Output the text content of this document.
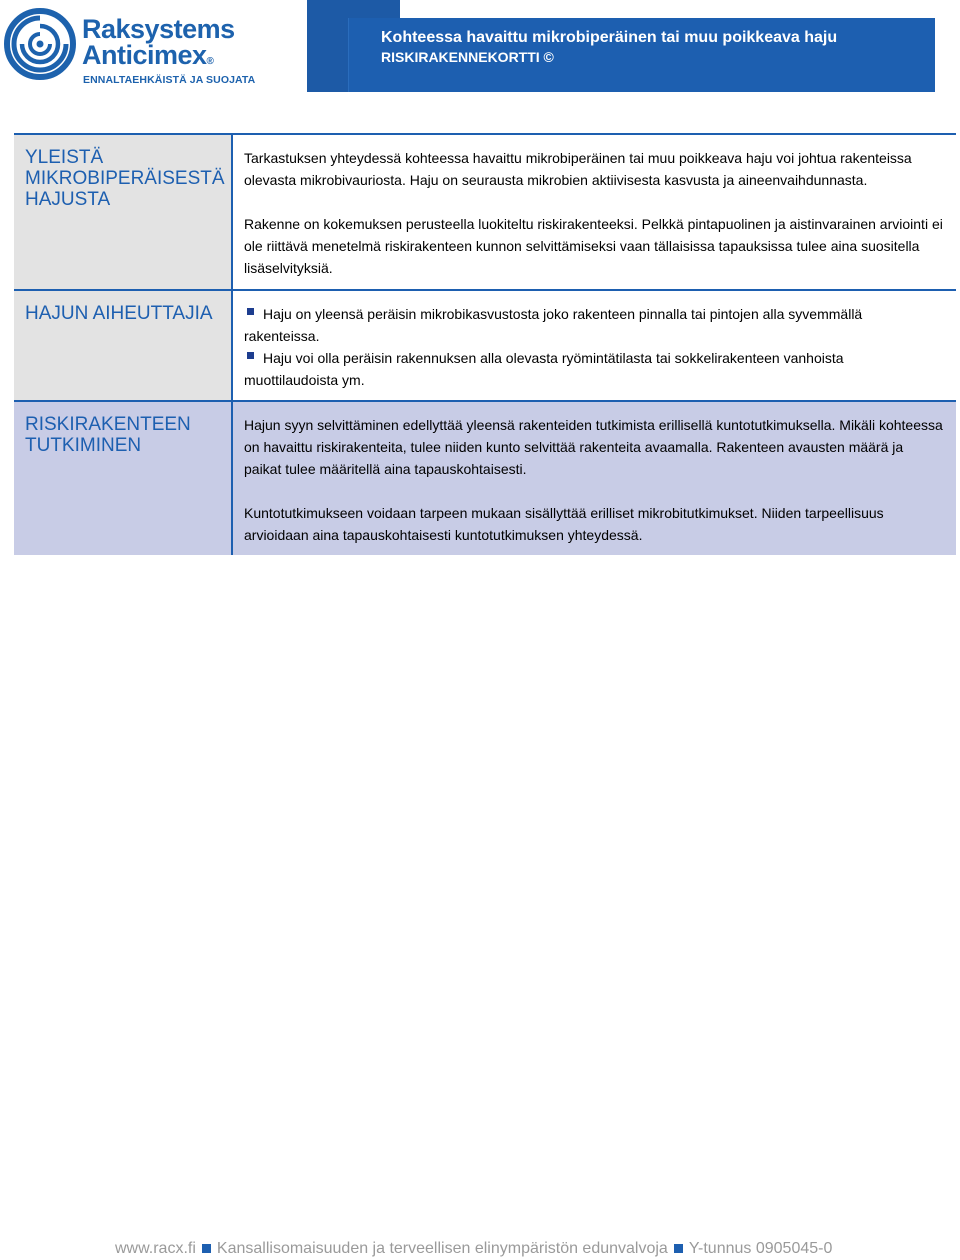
Raksystems
Anticimex®
ENNALTAEHKÄISTÄ JA SUOJATA
Kohteessa havaittu mikrobiperäinen tai muu poikkeava haju
RISKIRAKENNEKORTTI ©
YLEISTÄ MIKROBIPERÄISESTÄ HAJUSTA
Tarkastuksen yhteydessä kohteessa havaittu mikrobiperäinen tai muu poikkeava haju voi johtua rakenteissa olevasta mikrobivauriosta. Haju on seurausta mikrobien aktiivisesta kasvusta ja aineenvaihdunnasta.
Rakenne on kokemuksen perusteella luokiteltu riskirakenteeksi. Pelkkä pintapuolinen ja aistinvarainen arviointi ei ole riittävä menetelmä riskirakenteen kunnon selvittämiseksi vaan tällaisissa tapauksissa tulee aina suositella lisäselvityksiä.
HAJUN AIHEUTTAJIA	Haju on yleensä peräisin mikrobikasvustosta joko rakenteen pinnalla tai pintojen alla syvemmällä
rakenteissa.
Haju voi olla peräisin rakennuksen alla olevasta ryömintätilasta tai sokkelirakenteen vanhoista
muottilaudoista ym.
RISKIRAKENTEEN TUTKIMINEN
Hajun syyn selvittäminen edellyttää yleensä rakenteiden tutkimista erillisellä kuntotutkimuksella. Mikäli kohteessa on havaittu riskirakenteita, tulee niiden kunto selvittää rakenteita avaamalla. Rakenteen avausten määrä ja paikat tulee määritellä aina tapauskohtaisesti.
Kuntotutkimukseen voidaan tarpeen mukaan sisällyttää erilliset mikrobitutkimukset. Niiden tarpeellisuus arvioidaan aina tapauskohtaisesti kuntotutkimuksen yhteydessä.
www.racx.fi Kansallisomaisuuden ja terveellisen elinympäristön edunvalvoja Y-tunnus 0905045-0
